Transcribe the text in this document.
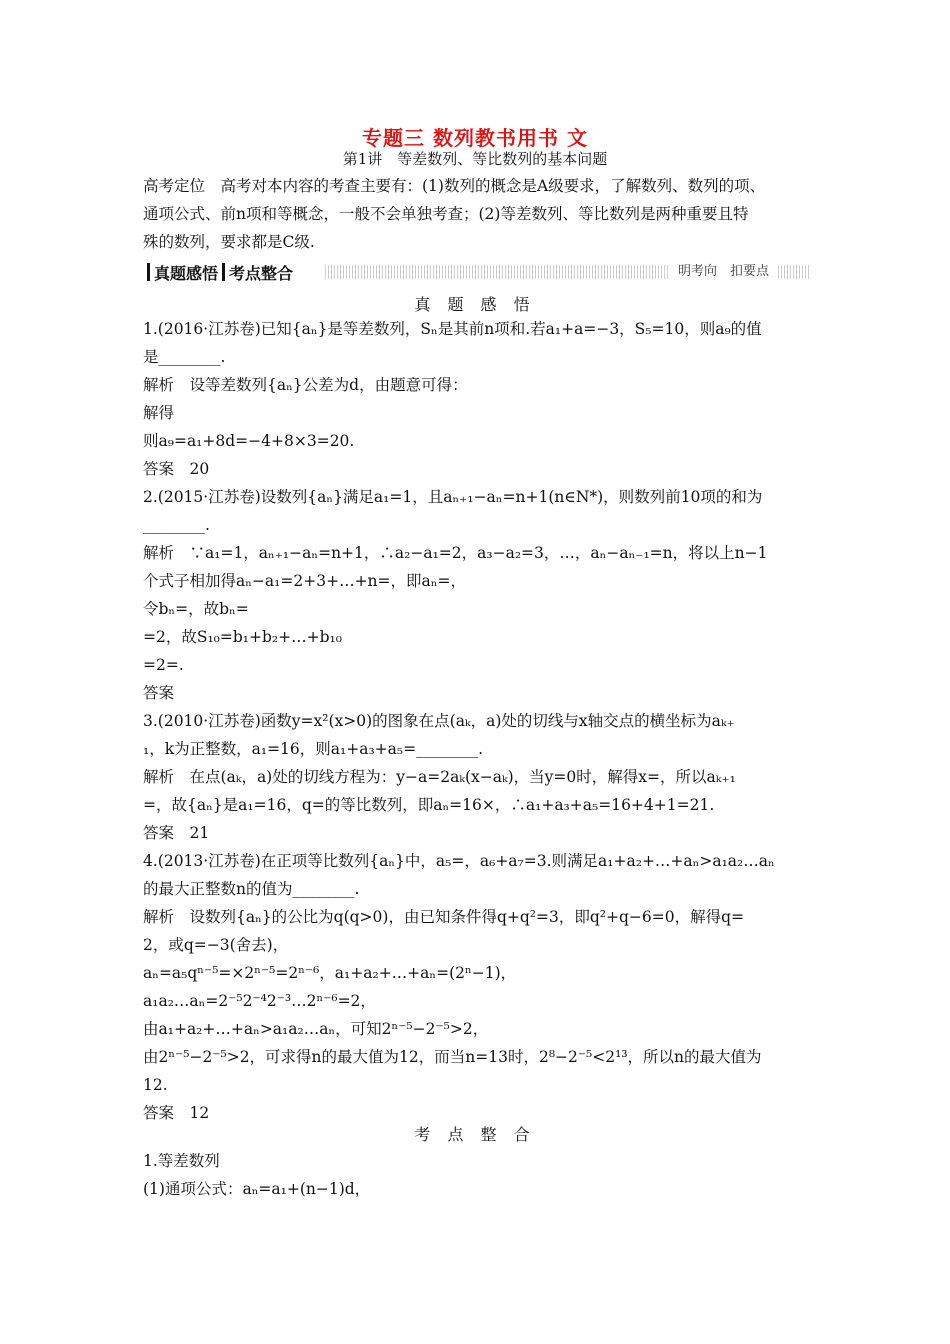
专题三 数列教书用书 文
第1讲　等差数列、等比数列的基本问题
高考定位　高考对本内容的考查主要有：(1)数列的概念是A级要求，了解数列、数列的项、
通项公式、前n项和等概念，一般不会单独考查；(2)等差数列、等比数列是两种重要且特
殊的数列，要求都是C级.
真题感悟 考点整合	明考向　扣要点
真 题 感 悟
1.(2016·江苏卷)已知{aₙ}是等差数列，Sₙ是其前n项和.若a₁+a=−3，S₅=10，则a₉的值
是________.
解析　设等差数列{aₙ}公差为d，由题意可得：
解得
则a₉=a₁+8d=−4+8×3=20.
答案　20
2.(2015·江苏卷)设数列{aₙ}满足a₁=1，且aₙ₊₁−aₙ=n+1(n∈N*)，则数列前10项的和为
________.
解析　∵a₁=1，aₙ₊₁−aₙ=n+1，∴a₂−a₁=2，a₃−a₂=3，…，aₙ−aₙ₋₁=n，将以上n−1
个式子相加得aₙ−a₁=2+3+…+n=，即aₙ=，
令bₙ=，故bₙ=
=2，故S₁₀=b₁+b₂+…+b₁₀
=2=.
答案
3.(2010·江苏卷)函数y=x²(x>0)的图象在点(aₖ，a)处的切线与x轴交点的横坐标为aₖ₊
₁，k为正整数，a₁=16，则a₁+a₃+a₅=________.
解析　在点(aₖ，a)处的切线方程为：y−a=2aₖ(x−aₖ)，当y=0时，解得x=，所以aₖ₊₁
=，故{aₙ}是a₁=16，q=的等比数列，即aₙ=16×，∴a₁+a₃+a₅=16+4+1=21.
答案　21
4.(2013·江苏卷)在正项等比数列{aₙ}中，a₅=，a₆+a₇=3.则满足a₁+a₂+…+aₙ>a₁a₂…aₙ
的最大正整数n的值为________.
解析　设数列{aₙ}的公比为q(q>0)，由已知条件得q+q²=3，即q²+q−6=0，解得q=
2，或q=−3(舍去)，
aₙ=a₅qⁿ⁻⁵=×2ⁿ⁻⁵=2ⁿ⁻⁶，a₁+a₂+…+aₙ=(2ⁿ−1)，
a₁a₂…aₙ=2⁻⁵2⁻⁴2⁻³…2ⁿ⁻⁶=2，
由a₁+a₂+…+aₙ>a₁a₂…aₙ，可知2ⁿ⁻⁵−2⁻⁵>2，
由2ⁿ⁻⁵−2⁻⁵>2，可求得n的最大值为12，而当n=13时，2⁸−2⁻⁵<2¹³，所以n的最大值为
12.
答案　12
考 点 整 合
1.等差数列
(1)通项公式：aₙ=a₁+(n−1)d，
